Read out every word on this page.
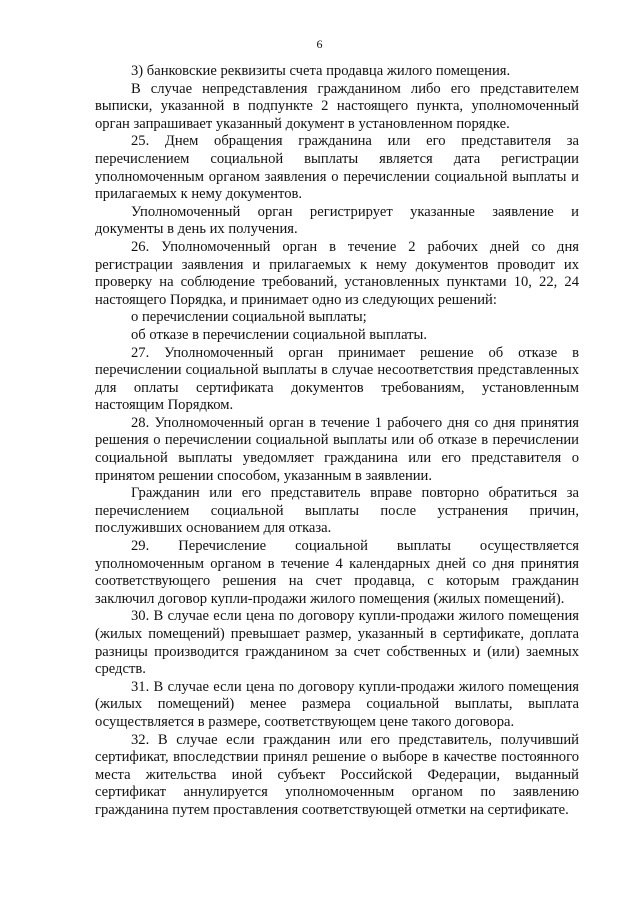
6

3) банковские реквизиты счета продавца жилого помещения.

В случае непредставления гражданином либо его представителем выписки, указанной в подпункте 2 настоящего пункта, уполномоченный орган запрашивает указанный документ в установленном порядке.

25. Днем обращения гражданина или его представителя за перечислением социальной выплаты является дата регистрации уполномоченным органом заявления о перечислении социальной выплаты и прилагаемых к нему документов.

Уполномоченный орган регистрирует указанные заявление и документы в день их получения.

26. Уполномоченный орган в течение 2 рабочих дней со дня регистрации заявления и прилагаемых к нему документов проводит их проверку на соблюдение требований, установленных пунктами 10, 22, 24 настоящего Порядка, и принимает одно из следующих решений:

о перечислении социальной выплаты;

об отказе в перечислении социальной выплаты.

27. Уполномоченный орган принимает решение об отказе в перечислении социальной выплаты в случае несоответствия представленных для оплаты сертификата документов требованиям, установленным настоящим Порядком.

28. Уполномоченный орган в течение 1 рабочего дня со дня принятия решения о перечислении социальной выплаты или об отказе в перечислении социальной выплаты уведомляет гражданина или его представителя о принятом решении способом, указанным в заявлении.

Гражданин или его представитель вправе повторно обратиться за перечислением социальной выплаты после устранения причин, послуживших основанием для отказа.

29. Перечисление социальной выплаты осуществляется уполномоченным органом в течение 4 календарных дней со дня принятия соответствующего решения на счет продавца, с которым гражданин заключил договор купли-продажи жилого помещения (жилых помещений).

30. В случае если цена по договору купли-продажи жилого помещения (жилых помещений) превышает размер, указанный в сертификате, доплата разницы производится гражданином за счет собственных и (или) заемных средств.

31. В случае если цена по договору купли-продажи жилого помещения (жилых помещений) менее размера социальной выплаты, выплата осуществляется в размере, соответствующем цене такого договора.

32. В случае если гражданин или его представитель, получивший сертификат, впоследствии принял решение о выборе в качестве постоянного места жительства иной субъект Российской Федерации, выданный сертификат аннулируется уполномоченным органом по заявлению гражданина путем проставления соответствующей отметки на сертификате.
